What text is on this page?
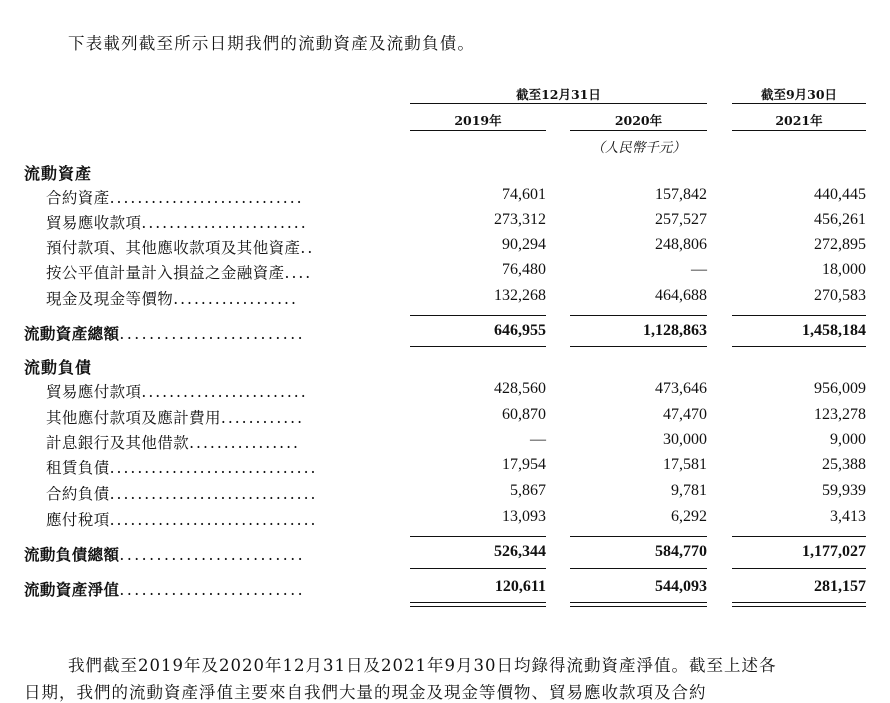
下表載列截至所示日期我們的流動資產及流動負債。
截至12月31日	截至9月30日
2019年	2020年	2021年
（人民幣千元）
流動資產
合約資產............................	74,601	157,842	440,445
貿易應收款項........................	273,312	257,527	456,261
預付款項、其他應收款項及其他資產..	90,294	248,806	272,895
按公平值計量計入損益之金融資產....	76,480	—	18,000
現金及現金等價物..................	132,268	464,688	270,583
流動資產總額.........................	646,955	1,128,863	1,458,184
流動負債
貿易應付款項........................	428,560	473,646	956,009
其他應付款項及應計費用............	60,870	47,470	123,278
計息銀行及其他借款................	—	30,000	9,000
租賃負債..............................	17,954	17,581	25,388
合約負債..............................	5,867	9,781	59,939
應付稅項..............................	13,093	6,292	3,413
流動負債總額.........................	526,344	584,770	1,177,027
流動資產淨值.........................	120,611	544,093	281,157
我們截至2019年及2020年12月31日及2021年9月30日均錄得流動資產淨值。截至上述各
日期，我們的流動資產淨值主要來自我們大量的現金及現金等價物、貿易應收款項及合約
